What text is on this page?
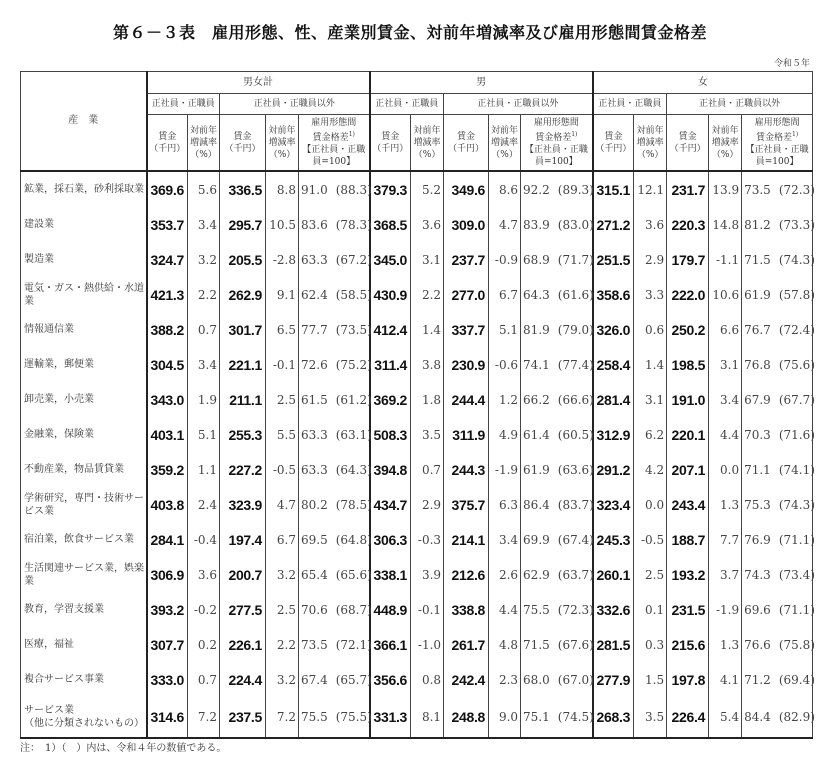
第６－３表　雇用形態、性、産業別賃金、対前年増減率及び雇用形態間賃金格差
令和５年
産　業	男女計					男					女				
	正社員・正職員		正社員・正職員以外			正社員・正職員		正社員・正職員以外			正社員・正職員		正社員・正職員以外		
	賃金
（千円）	対前年
増減率
（%）	賃金
（千円）	対前年
増減率
（%）	雇用形態間
賃金格差$^{1)}$
【正社員・正職員=100】	賃金
（千円）	対前年
増減率
（%）	賃金
（千円）	対前年
増減率
（%）	雇用形態間
賃金格差$^{1)}$
【正社員・正職員=100】	賃金
（千円）	対前年
増減率
（%）	賃金
（千円）	対前年
増減率
（%）	雇用形態間
賃金格差$^{1)}$
【正社員・正職員=100】
鉱業，採石業，砂利採取業	369.6	5.6	336.5	8.8	91.0 (88.3)	379.3	5.2	349.6	8.6	92.2 (89.3)	315.1	12.1	231.7	13.9	73.5 (72.3)
建設業	353.7	3.4	295.7	10.5	83.6 (78.3)	368.5	3.6	309.0	4.7	83.9 (83.0)	271.2	3.6	220.3	14.8	81.2 (73.3)
製造業	324.7	3.2	205.5	-2.8	63.3 (67.2)	345.0	3.1	237.7	-0.9	68.9 (71.7)	251.5	2.9	179.7	-1.1	71.5 (74.3)
電気・ガス・熱供給・水道業	421.3	2.2	262.9	9.1	62.4 (58.5)	430.9	2.2	277.0	6.7	64.3 (61.6)	358.6	3.3	222.0	10.6	61.9 (57.8)
情報通信業	388.2	0.7	301.7	6.5	77.7 (73.5)	412.4	1.4	337.7	5.1	81.9 (79.0)	326.0	0.6	250.2	6.6	76.7 (72.4)
運輸業，郵便業	304.5	3.4	221.1	-0.1	72.6 (75.2)	311.4	3.8	230.9	-0.6	74.1 (77.4)	258.4	1.4	198.5	3.1	76.8 (75.6)
卸売業，小売業	343.0	1.9	211.1	2.5	61.5 (61.2)	369.2	1.8	244.4	1.2	66.2 (66.6)	281.4	3.1	191.0	3.4	67.9 (67.7)
金融業，保険業	403.1	5.1	255.3	5.5	63.3 (63.1)	508.3	3.5	311.9	4.9	61.4 (60.5)	312.9	6.2	220.1	4.4	70.3 (71.6)
不動産業，物品賃貸業	359.2	1.1	227.2	-0.5	63.3 (64.3)	394.8	0.7	244.3	-1.9	61.9 (63.6)	291.2	4.2	207.1	0.0	71.1 (74.1)
学術研究，専門・技術サービス業	403.8	2.4	323.9	4.7	80.2 (78.5)	434.7	2.9	375.7	6.3	86.4 (83.7)	323.4	0.0	243.4	1.3	75.3 (74.3)
宿泊業，飲食サービス業	284.1	-0.4	197.4	6.7	69.5 (64.8)	306.3	-0.3	214.1	3.4	69.9 (67.4)	245.3	-0.5	188.7	7.7	76.9 (71.1)
生活関連サービス業，娯楽業	306.9	3.6	200.7	3.2	65.4 (65.6)	338.1	3.9	212.6	2.6	62.9 (63.7)	260.1	2.5	193.2	3.7	74.3 (73.4)
教育，学習支援業	393.2	-0.2	277.5	2.5	70.6 (68.7)	448.9	-0.1	338.8	4.4	75.5 (72.3)	332.6	0.1	231.5	-1.9	69.6 (71.1)
医療，福祉	307.7	0.2	226.1	2.2	73.5 (72.1)	366.1	-1.0	261.7	4.8	71.5 (67.6)	281.5	0.3	215.6	1.3	76.6 (75.8)
複合サービス事業	333.0	0.7	224.4	3.2	67.4 (65.7)	356.6	0.8	242.4	2.3	68.0 (67.0)	277.9	1.5	197.8	4.1	71.2 (69.4)
サービス業
（他に分類されないもの）	314.6	7.2	237.5	7.2	75.5 (75.5)	331.3	8.1	248.8	9.0	75.1 (74.5)	268.3	3.5	226.4	5.4	84.4 (82.9)
注：　1）（　）内は、令和４年の数値である。
